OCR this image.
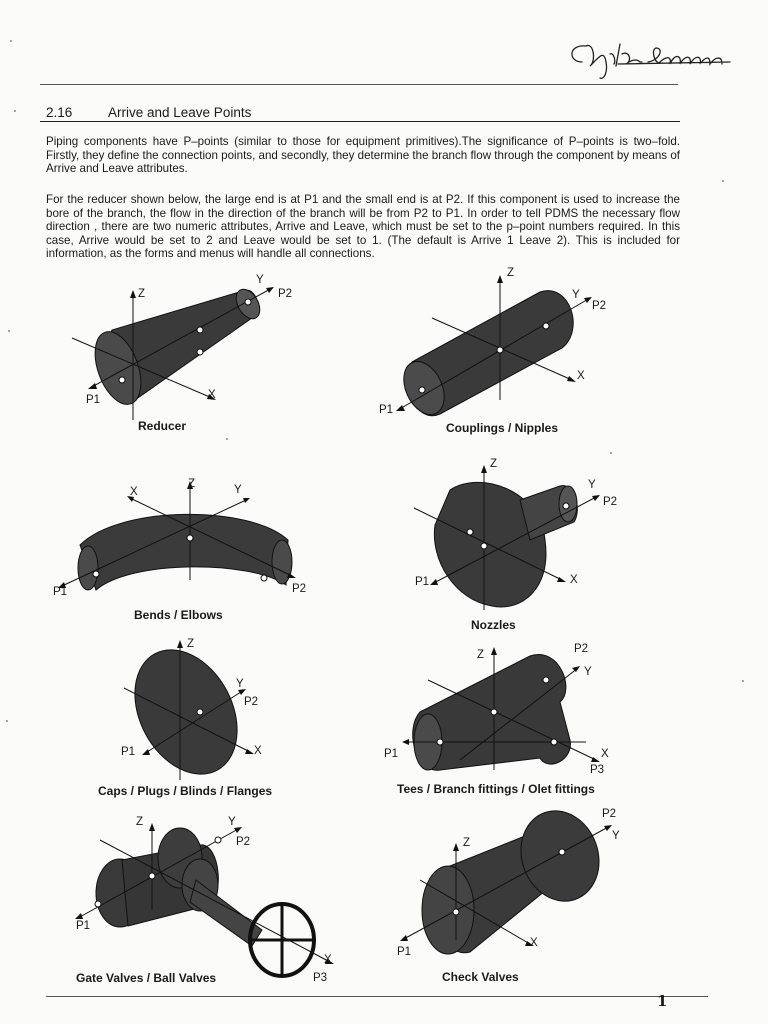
2.16	Arrive and Leave Points

Piping components have P–points (similar to those for equipment primitives).The significance of P–points is two–fold. Firstly, they define the connection points, and secondly, they determine the branch flow through the component by means of Arrive and Leave attributes.

For the reducer shown below, the large end is at P1 and the small end is at P2. If this component is used to increase the bore of the branch, the flow in the direction of the branch will be from P2 to P1. In order to tell PDMS the necessary flow direction , there are two numeric attributes, Arrive and Leave, which must be set to the p–point numbers required. In this case, Arrive would be set to 2 and Leave would be set to 1. (The default is Arrive 1 Leave 2). This is included for information, as the forms and menus will handle all connections.

Z
Y
P2
P1	X
Reducer
Z
Y
P2
X
P1
Couplings / Nipples
X
Z	Y
P1	P2
Bends / Elbows
Z
Y
P2
P1	X
Nozzles
Z
Y
P2
P1	X
Caps / Plugs / Blinds / Flanges
Z	P2
Y
P1	X
P3
Tees / Branch fittings / Olet fittings
Z	Y
P2
P1
X
P3
Gate Valves / Ball Valves
Z
P2
Y
P1
X
Check Valves
1
